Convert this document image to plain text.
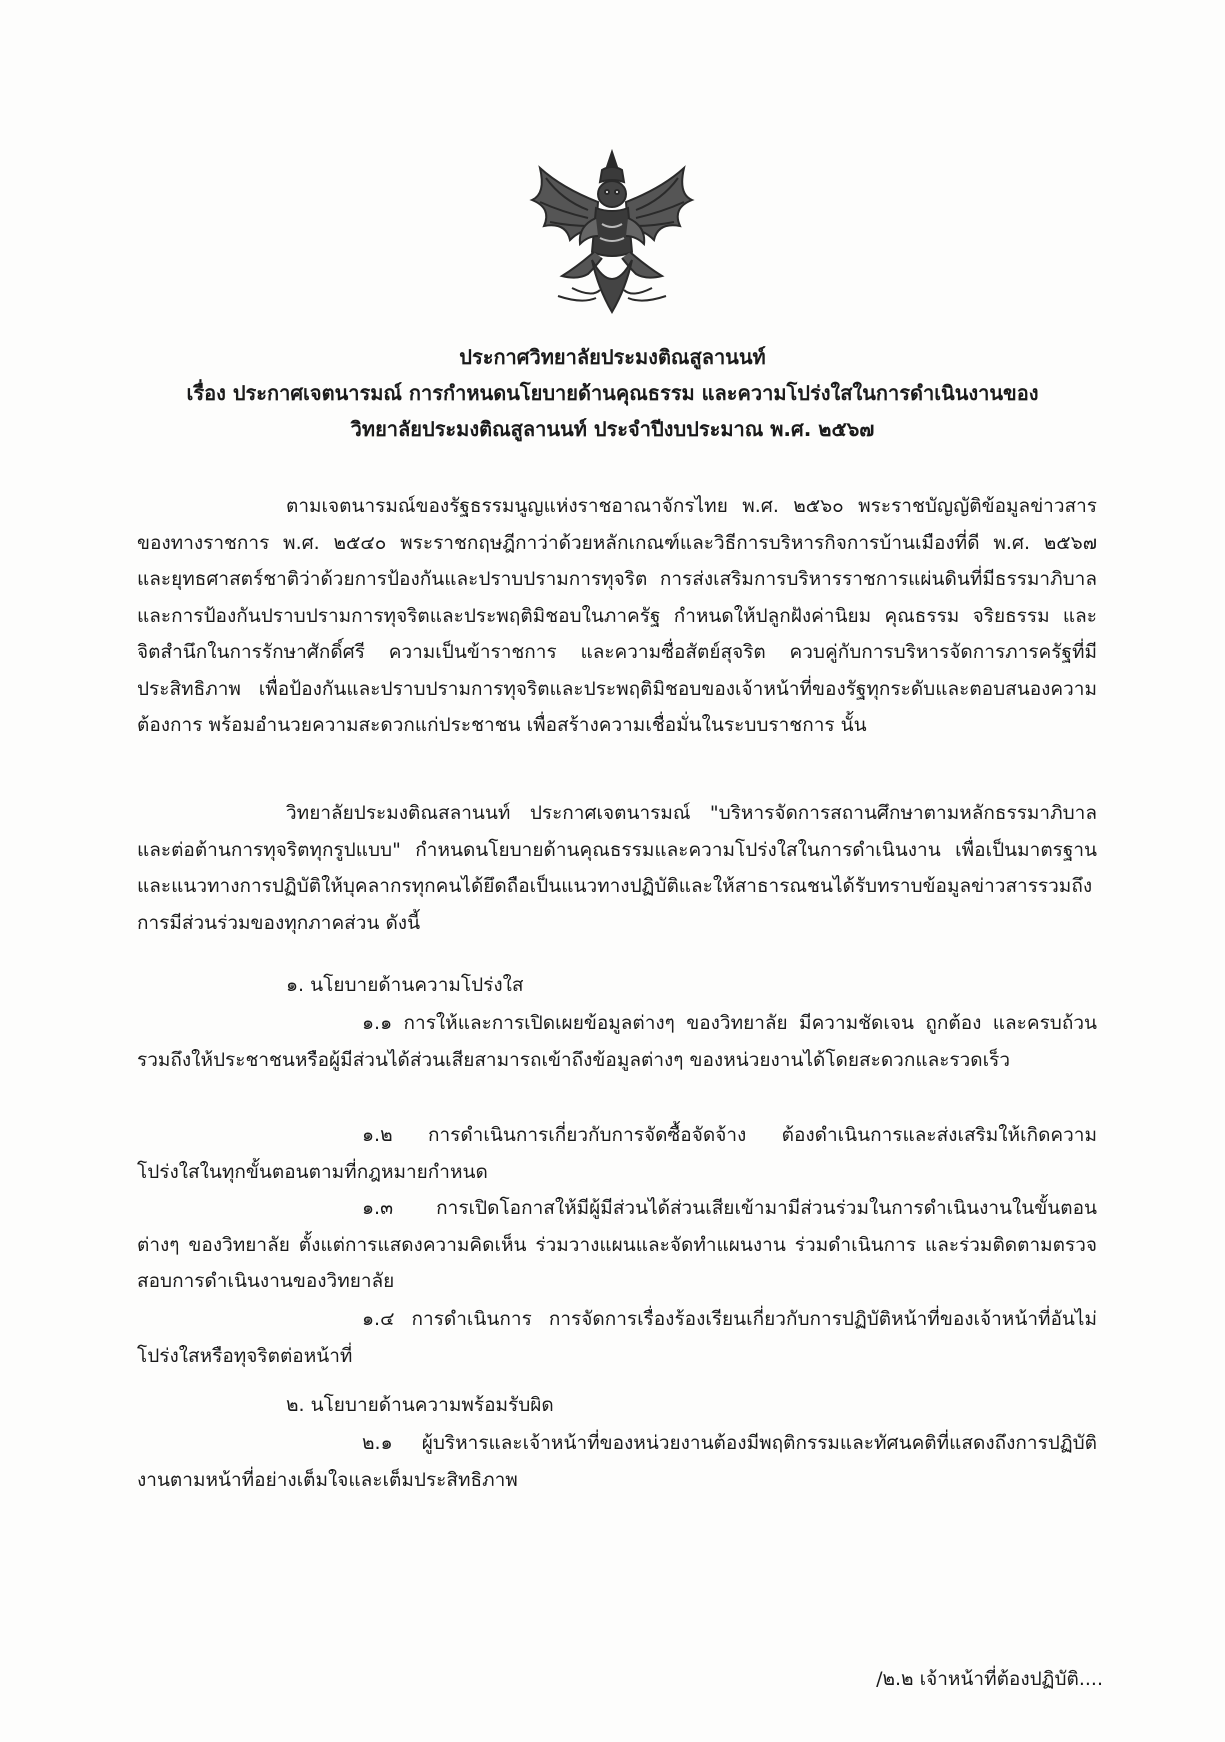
ประกาศวิทยาลัยประมงติณสูลานนท์
เรื่อง ประกาศเจตนารมณ์ การกำหนดนโยบายด้านคุณธรรม และความโปร่งใสในการดำเนินงานของ
วิทยาลัยประมงติณสูลานนท์ ประจำปีงบประมาณ พ.ศ. ๒๕๖๗
ตามเจตนารมณ์ของรัฐธรรมนูญแห่งราชอาณาจักรไทย พ.ศ. ๒๕๖๐ พระราชบัญญัติข้อมูลข่าวสารของทางราชการ พ.ศ. ๒๕๔๐ พระราชกฤษฎีกาว่าด้วยหลักเกณฑ์และวิธีการบริหารกิจการบ้านเมืองที่ดี พ.ศ. ๒๕๖๗ และยุทธศาสตร์ชาติว่าด้วยการป้องกันและปราบปรามการทุจริต การส่งเสริมการบริหารราชการแผ่นดินที่มีธรรมาภิบาลและการป้องกันปราบปรามการทุจริตและประพฤติมิชอบในภาครัฐ กำหนดให้ปลูกฝังค่านิยม คุณธรรม จริยธรรม และจิตสำนึกในการรักษาศักดิ์ศรี ความเป็นข้าราชการ และความซื่อสัตย์สุจริต ควบคู่กับการบริหารจัดการภารครัฐที่มีประสิทธิภาพ เพื่อป้องกันและปราบปรามการทุจริตและประพฤติมิชอบของเจ้าหน้าที่ของรัฐทุกระดับและตอบสนองความต้องการ พร้อมอำนวยความสะดวกแก่ประชาชน เพื่อสร้างความเชื่อมั่นในระบบราชการ นั้น
วิทยาลัยประมงติณสลานนท์ ประกาศเจตนารมณ์ "บริหารจัดการสถานศึกษาตามหลักธรรมาภิบาล และต่อต้านการทุจริตทุกรูปแบบ" กำหนดนโยบายด้านคุณธรรมและความโปร่งใสในการดำเนินงาน เพื่อเป็นมาตรฐานและแนวทางการปฏิบัติให้บุคลากรทุกคนได้ยึดถือเป็นแนวทางปฏิบัติและให้สาธารณชนได้รับทราบข้อมูลข่าวสารรวมถึงการมีส่วนร่วมของทุกภาคส่วน ดังนี้
๑. นโยบายด้านความโปร่งใส
๑.๑ การให้และการเปิดเผยข้อมูลต่างๆ ของวิทยาลัย มีความชัดเจน ถูกต้อง และครบถ้วน รวมถึงให้ประชาชนหรือผู้มีส่วนได้ส่วนเสียสามารถเข้าถึงข้อมูลต่างๆ ของหน่วยงานได้โดยสะดวกและรวดเร็ว
๑.๒ การดำเนินการเกี่ยวกับการจัดซื้อจัดจ้าง ต้องดำเนินการและส่งเสริมให้เกิดความโปร่งใสในทุกขั้นตอนตามที่กฎหมายกำหนด
๑.๓ การเปิดโอกาสให้มีผู้มีส่วนได้ส่วนเสียเข้ามามีส่วนร่วมในการดำเนินงานในขั้นตอนต่างๆ ของวิทยาลัย ตั้งแต่การแสดงความคิดเห็น ร่วมวางแผนและจัดทำแผนงาน ร่วมดำเนินการ และร่วมติดตามตรวจสอบการดำเนินงานของวิทยาลัย
๑.๔ การดำเนินการ การจัดการเรื่องร้องเรียนเกี่ยวกับการปฏิบัติหน้าที่ของเจ้าหน้าที่อันไม่โปร่งใสหรือทุจริตต่อหน้าที่
๒. นโยบายด้านความพร้อมรับผิด
๒.๑ ผู้บริหารและเจ้าหน้าที่ของหน่วยงานต้องมีพฤติกรรมและทัศนคติที่แสดงถึงการปฏิบัติงานตามหน้าที่อย่างเต็มใจและเต็มประสิทธิภาพ
/๒.๒ เจ้าหน้าที่ต้องปฏิบัติ....
